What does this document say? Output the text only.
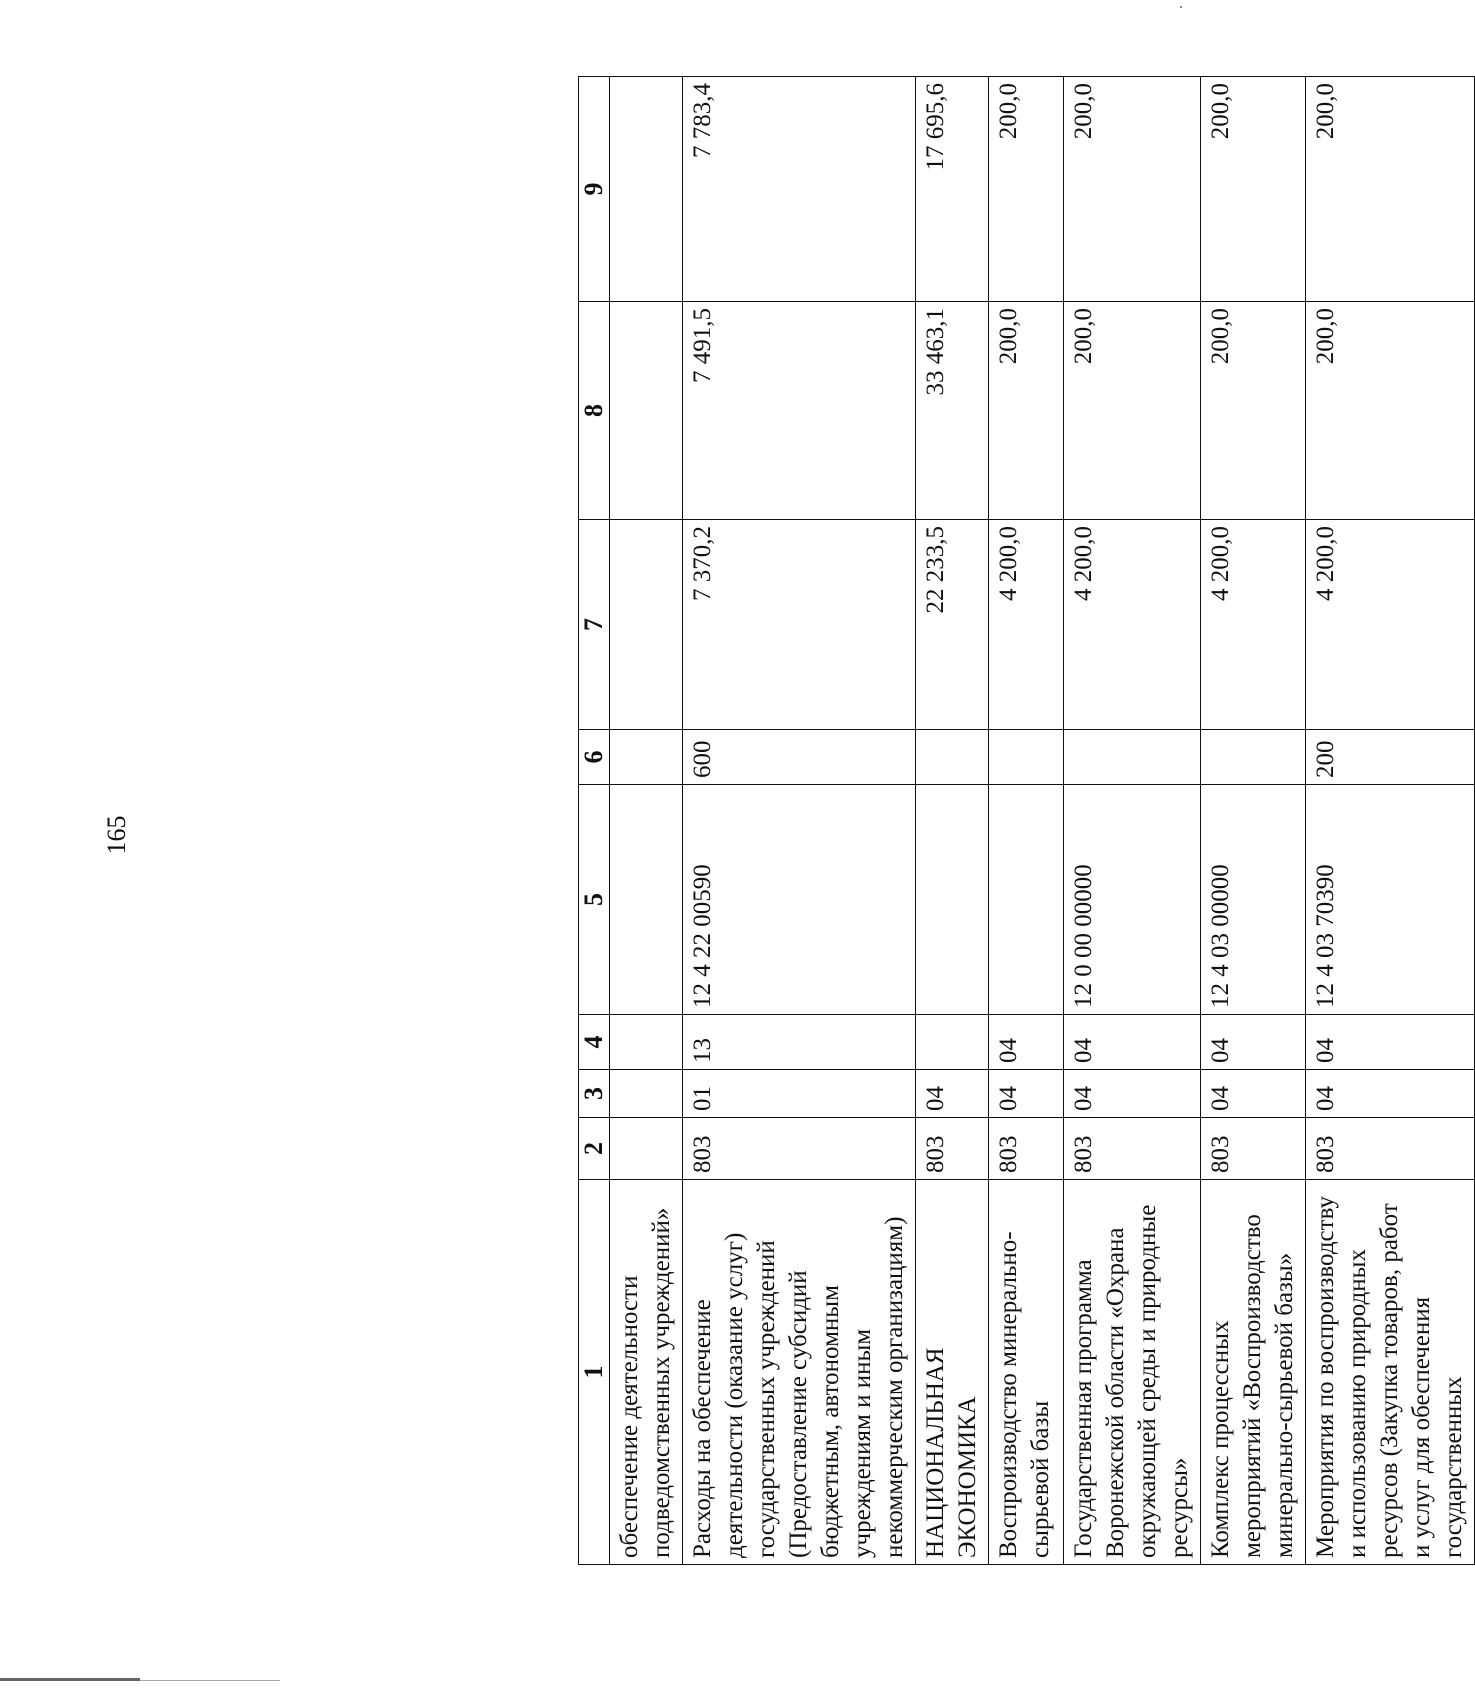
165
1	2	3	4	5	6	7	8	9
обеспечение деятельности подведомственных учреждений»								
Расходы на обеспечение деятельности (оказание услуг) государственных учреждений (Предоставление субсидий бюджетным, автономным учреждениям и иным некоммерческим организациям)	803	01	13	12 4 22 00590	600	7 370,2	7 491,5	7 783,4
НАЦИОНАЛЬНАЯ ЭКОНОМИКА	803	04				22 233,5	33 463,1	17 695,6
Воспроизводство минерально-сырьевой базы	803	04	04			4 200,0	200,0	200,0
Государственная программа Воронежской области «Охрана окружающей среды и природные ресурсы»	803	04	04	12 0 00 00000		4 200,0	200,0	200,0
Комплекс процессных мероприятий «Воспроизводство минерально-сырьевой базы»	803	04	04	12 4 03 00000		4 200,0	200,0	200,0
Мероприятия по воспроизводству и использованию природных ресурсов (Закупка товаров, работ и услуг для обеспечения государственных	803	04	04	12 4 03 70390	200	4 200,0	200,0	200,0
